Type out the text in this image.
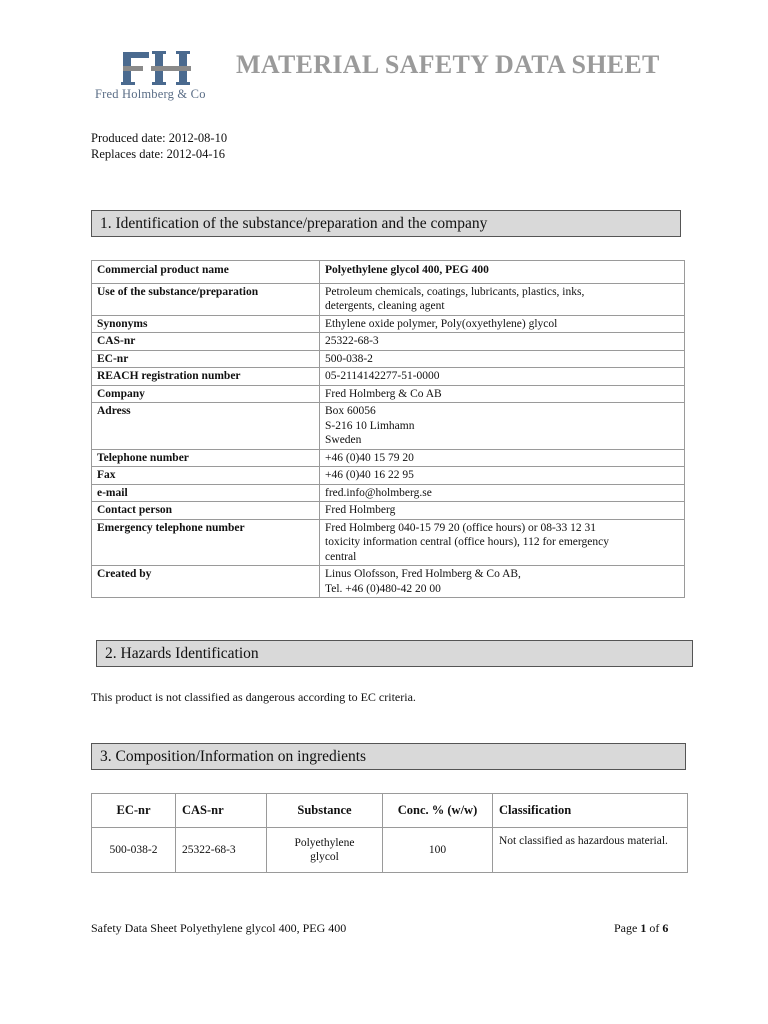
Fred Holmberg & Co
MATERIAL SAFETY DATA SHEET
Produced date: 2012-08-10
Replaces date: 2012-04-16
1. Identification of the substance/preparation and the company
Commercial product name	Polyethylene glycol 400, PEG 400

Use of the substance/preparation	Petroleum chemicals, coatings, lubricants, plastics, inks,
detergents, cleaning agent

Synonyms	Ethylene oxide polymer, Poly(oxyethylene) glycol

CAS-nr	25322-68-3

EC-nr	500-038-2

REACH registration number	05-2114142277-51-0000

Company	Fred Holmberg & Co AB

Adress	Box 60056
S-216 10 Limhamn
Sweden

Telephone number	+46 (0)40 15 79 20

Fax	+46 (0)40 16 22 95

e-mail	fred.info@holmberg.se

Contact person	Fred Holmberg

Emergency telephone number	Fred Holmberg 040-15 79 20 (office hours) or 08-33 12 31
toxicity information central (office hours), 112 for emergency
central

Created by	Linus Olofsson, Fred Holmberg & Co AB,
Tel. +46 (0)480-42 20 00
2. Hazards Identification
This product is not classified as dangerous according to EC criteria.
3. Composition/Information on ingredients
EC-nr	CAS-nr	Substance	Conc. % (w/w)	Classification
500-038-2	25322-68-3	Polyethylene
glycol	100	Not classified as hazardous material.
Safety Data Sheet Polyethylene glycol 400, PEG 400	Page 1 of 6
